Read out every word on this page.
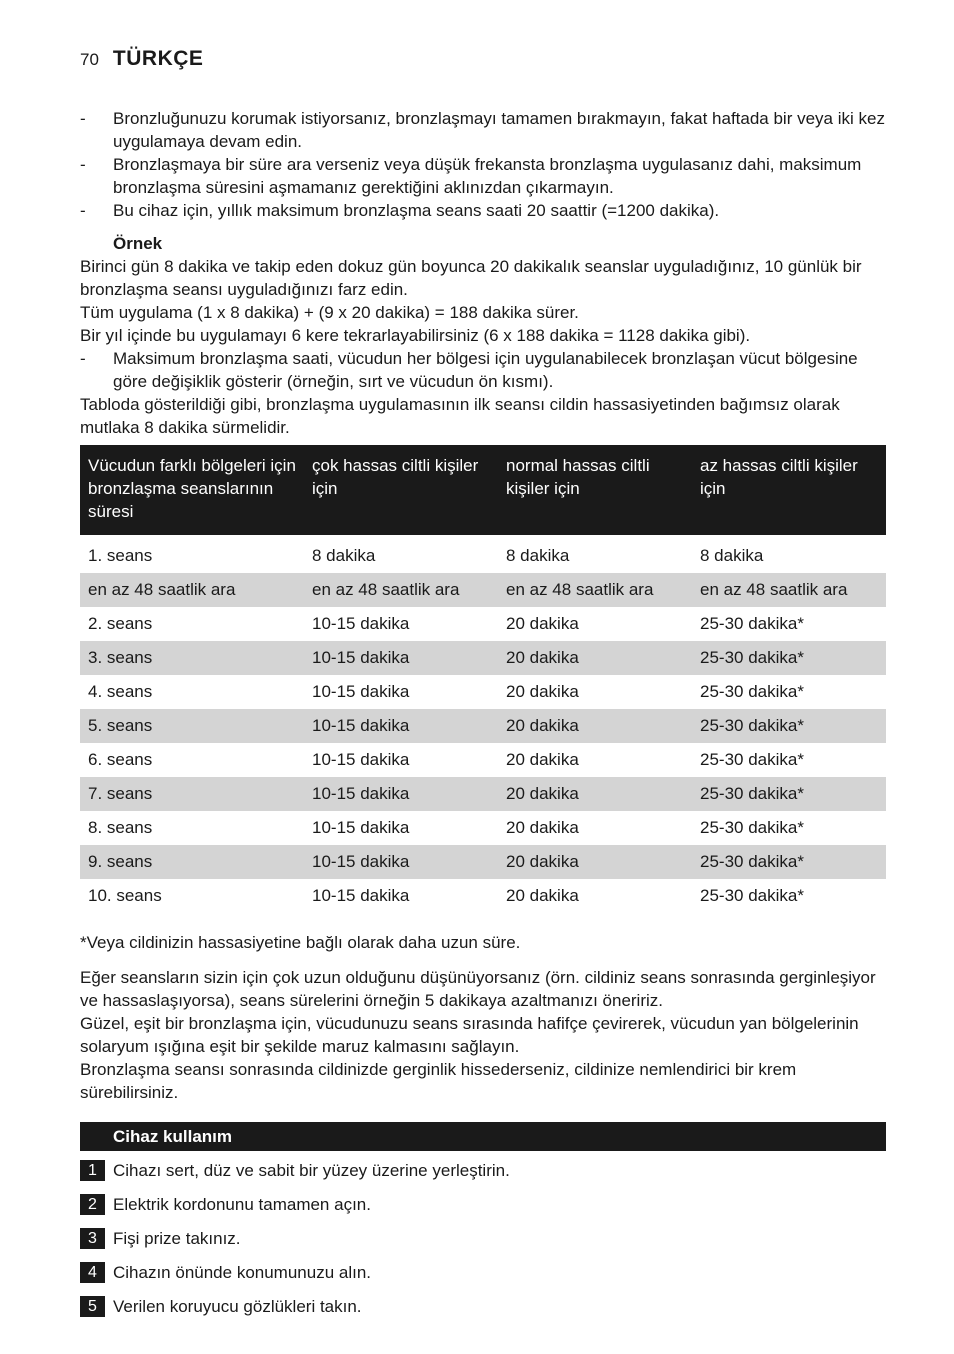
70 TÜRKÇE
-	Bronzluğunuzu korumak istiyorsanız, bronzlaşmayı tamamen bırakmayın, fakat haftada bir veya iki kez uygulamaya devam edin.
-	Bronzlaşmaya bir süre ara verseniz veya düşük frekansta bronzlaşma uygulasanız dahi, maksimum bronzlaşma süresini aşmamanız gerektiğini aklınızdan çıkarmayın.
-	Bu cihaz için, yıllık maksimum bronzlaşma seans saati 20 saattir (=1200 dakika).
Örnek

Birinci gün 8 dakika ve takip eden dokuz gün boyunca 20 dakikalık seanslar uyguladığınız, 10 günlük bir bronzlaşma seansı uyguladığınızı farz edin.

Tüm uygulama (1 x 8 dakika) + (9 x 20 dakika) = 188 dakika sürer.

Bir yıl içinde bu uygulamayı 6 kere tekrarlayabilirsiniz (6 x 188 dakika = 1128 dakika gibi).

-	Maksimum bronzlaşma saati, vücudun her bölgesi için uygulanabilecek bronzlaşan vücut bölgesine göre değişiklik gösterir (örneğin, sırt ve vücudun ön kısmı).

Tabloda gösterildiği gibi, bronzlaşma uygulamasının ilk seansı cildin hassasiyetinden bağımsız olarak mutlaka 8 dakika sürmelidir.

Vücudun farklı bölgeleri için bronzlaşma seanslarının süresi	çok hassas ciltli kişiler için	normal hassas ciltli kişiler için	az hassas ciltli kişiler için
1. seans	8 dakika	8 dakika	8 dakika
en az 48 saatlik ara	en az 48 saatlik ara	en az 48 saatlik ara	en az 48 saatlik ara
2. seans	10-15 dakika	20 dakika	25-30 dakika*
3. seans	10-15 dakika	20 dakika	25-30 dakika*
4. seans	10-15 dakika	20 dakika	25-30 dakika*
5. seans	10-15 dakika	20 dakika	25-30 dakika*
6. seans	10-15 dakika	20 dakika	25-30 dakika*
7. seans	10-15 dakika	20 dakika	25-30 dakika*
8. seans	10-15 dakika	20 dakika	25-30 dakika*
9. seans	10-15 dakika	20 dakika	25-30 dakika*
10. seans	10-15 dakika	20 dakika	25-30 dakika*

*Veya cildinizin hassasiyetine bağlı olarak daha uzun süre.

Eğer seansların sizin için çok uzun olduğunu düşünüyorsanız (örn. cildiniz seans sonrasında gerginleşiyor ve hassaslaşıyorsa), seans sürelerini örneğin 5 dakikaya azaltmanızı öneririz.

Güzel, eşit bir bronzlaşma için, vücudunuzu seans sırasında hafifçe çevirerek, vücudun yan bölgelerinin solaryum ışığına eşit bir şekilde maruz kalmasını sağlayın.

Bronzlaşma seansı sonrasında cildinizde gerginlik hissederseniz, cildinize nemlendirici bir krem sürebilirsiniz.

Cihaz kullanım
1 Cihazı sert, düz ve sabit bir yüzey üzerine yerleştirin.
2 Elektrik kordonunu tamamen açın.
3 Fişi prize takınız.
4 Cihazın önünde konumunuzu alın.
5 Verilen koruyucu gözlükleri takın.
